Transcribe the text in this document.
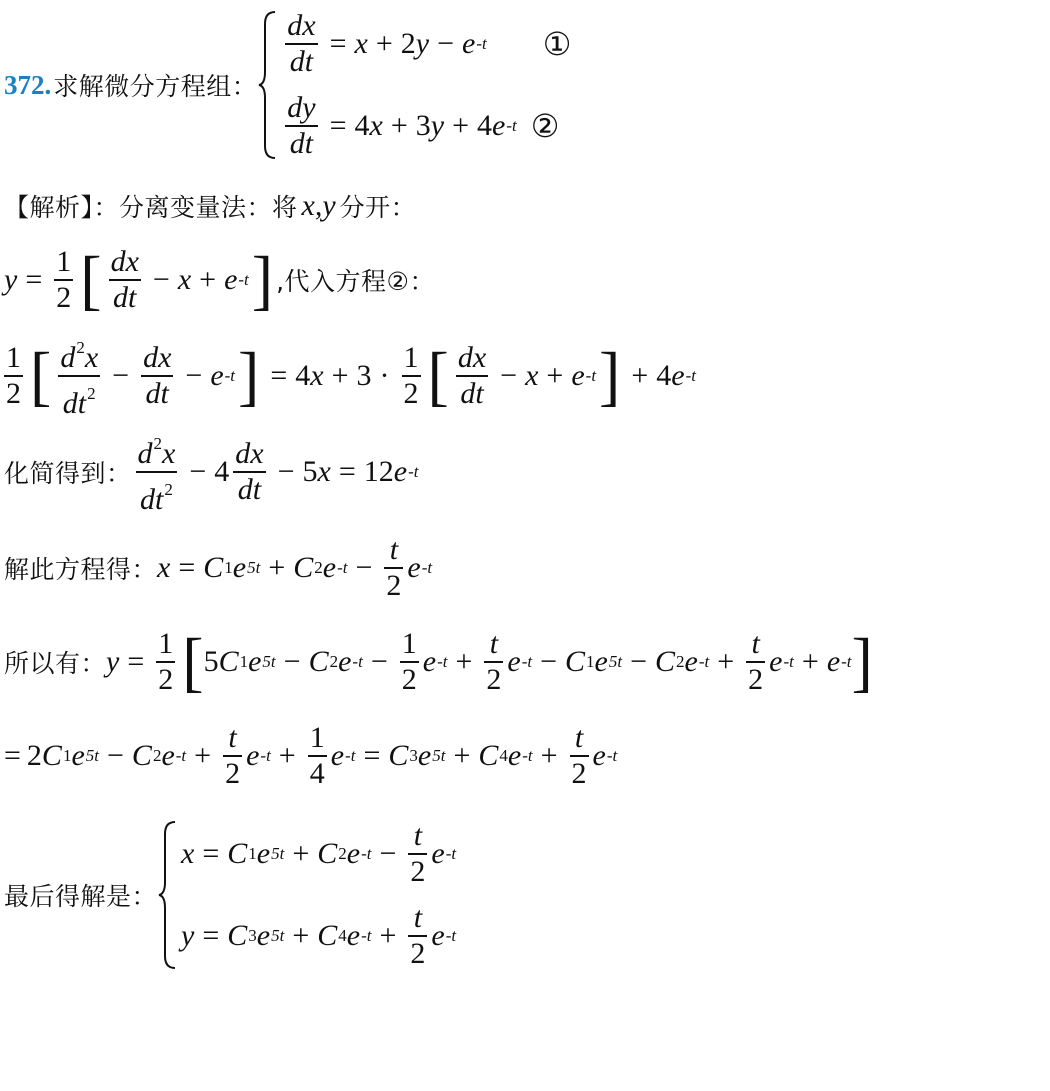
372 . 求解微分方程组：
$\frac{dx}{dt} = x + 2$ y − e -t ①
$\frac{dy}{dt} = 4$ x + 3 y + 4 e -t ②
【解析】：分离变量法：将 x,y 分开：
$y = \frac{1}{2}$ [ $\frac{dx}{dt} - x + e$ -t ] ,代入方程②：
$\frac{1}{2}$ [ $\frac{d^2x}{dt^2} - \frac{dx}{dt} - e$ -t ] = 4 $x + 3 \cdot \frac{1}{2}$ [ $\frac{dx}{dt} - x + e$ -t ] + 4 e -t
化简得到： $\frac{d^2x}{dt^2} - 4 \frac{dx}{dt} - 5$ x = 12 e -t
解此方程得： x = C 1 e 5t + C 2 e $-t - \frac{t}{2}$ e -t
所以有： $y = \frac{1}{2}$ [ 5 C 1 e 5t − C 2 e $-t - \frac{1}{2}$ e $-t + \frac{t}{2}$ e -t − C 1 e 5t − C 2 e $-t + \frac{t}{2}$ e -t + e -t ]
= 2 C 1 e 5t − C 2 e $-t + \frac{t}{2}$ e $-t + \frac{1}{4}$ e -t = C 3 e 5t + C 4 e $-t + \frac{t}{2}$ e -t
最后得解是：
x = C 1 e 5t + C 2 e $-t - \frac{t}{2}$ e -t
y = C 3 e 5t + C 4 e $-t + \frac{t}{2}$ e -t
